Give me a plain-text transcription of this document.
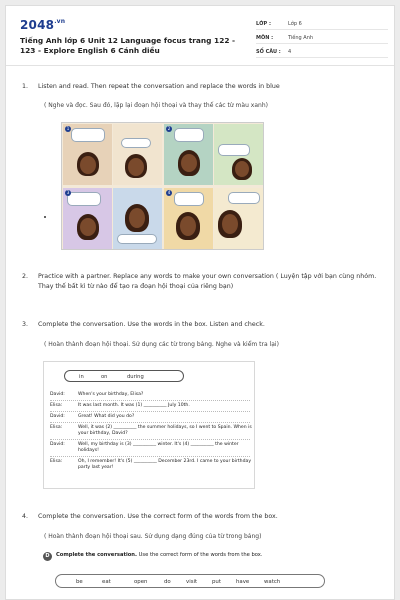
$2048^{.vn}$
Tiếng Anh lớp 6 Unit 12 Language focus trang 122 - 123 - Explore English 6 Cánh diều
LỚP :	Lớp 6
MÔN :	Tiếng Anh
SỐ CÂU : 4
1. Listen and read. Then repeat the conversation and replace the words in blue
( Nghe và đọc. Sau đó, lặp lại đoạn hội thoại và thay thế các từ màu xanh)
1	2
3	4
2. Practice with a partner. Replace any words to make your own conversation ( Luyện tập với bạn cùng nhóm. Thay thế bất kì từ nào để tạo ra đoạn hội thoại của riêng bạn)
3. Complete the conversation. Use the words in the box. Listen and check.
( Hoàn thành đoạn hội thoại. Sử dụng các từ trong bảng. Nghe và kiểm tra lại)
in	on	during
David:	When's your birthday, Elisa?
Elisa:	It was last month. It was (1) __________ July 10th.
David:	Great! What did you do?
Elisa:	Well, it was (2) __________ the summer holidays, so I went to Spain. When is your birthday, David?
David:	Well, my birthday is (3) __________ winter. It's (4) __________ the winter holidays!
Elisa:	Oh, I remember! It's (5) __________ December 23rd. I came to your birthday party last year!
4. Complete the conversation. Use the correct form of the words from the box.
( Hoàn thành đoạn hội thoại sau. Sử dụng dạng đúng của từ trong bảng)
D	Complete the conversation. Use the correct form of the words from the box.
be	eat	open	do	visit	put	have	watch
